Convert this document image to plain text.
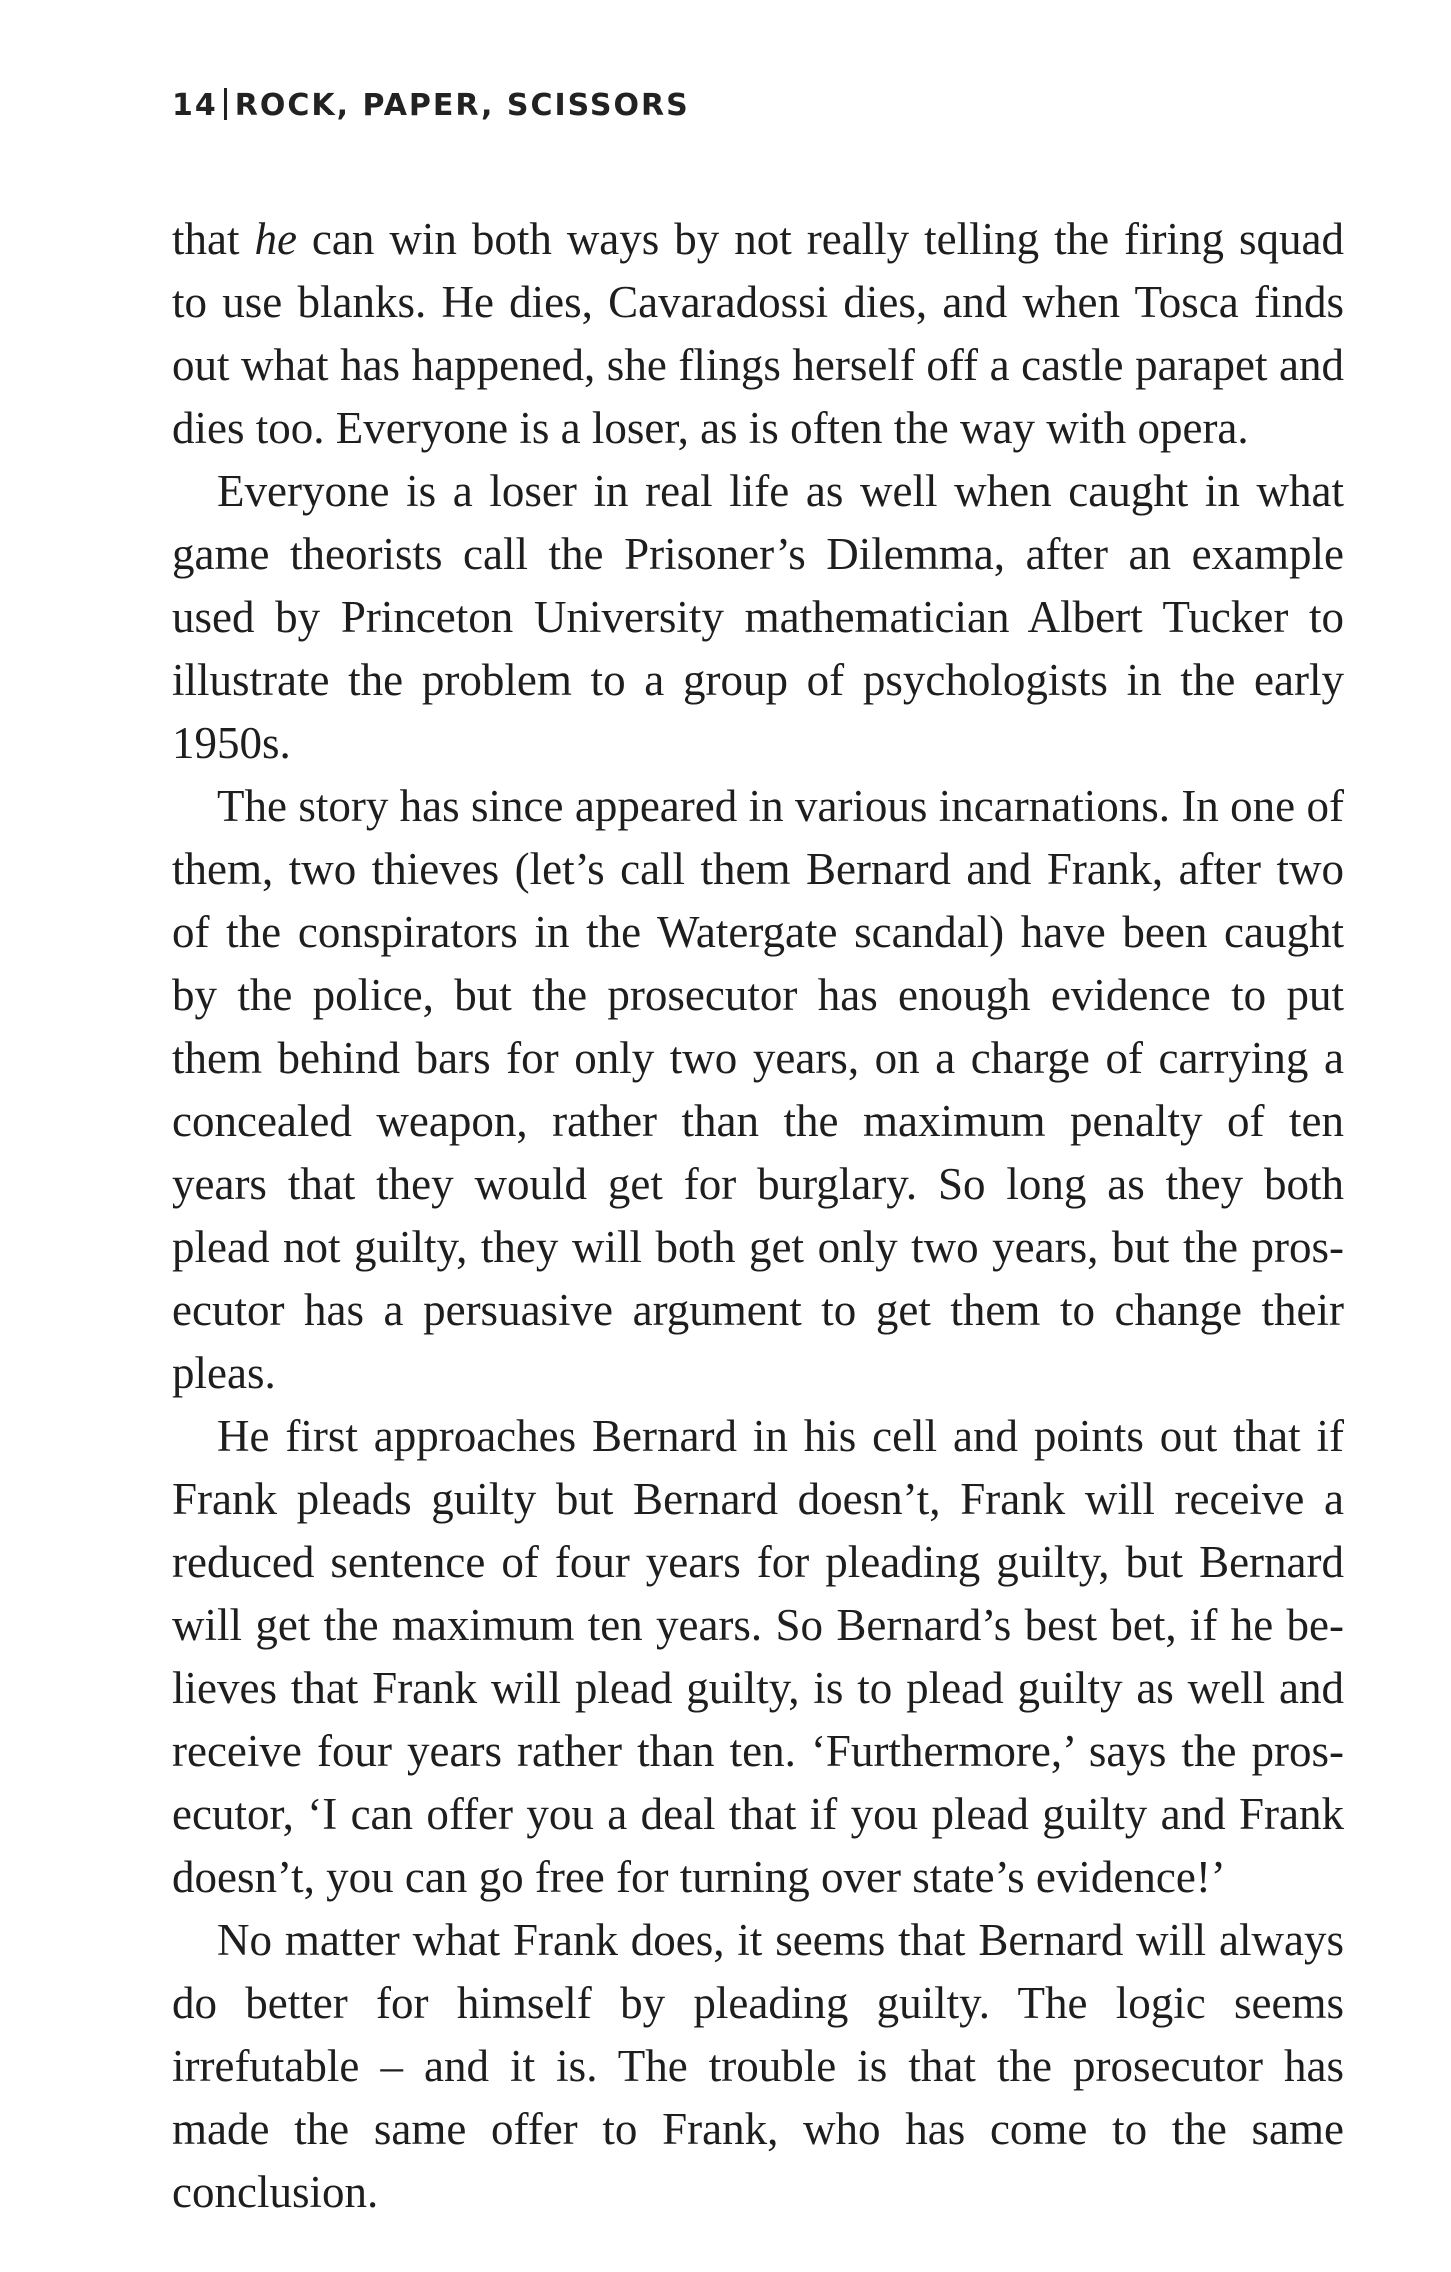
14 ROCK, PAPER, SCISSORS

that he can win both ways by not really telling the firing squad to use blanks. He dies, Cavaradossi dies, and when Tosca finds out what has happened, she flings herself off a castle parapet and dies too. Everyone is a loser, as is often the way with opera.

Everyone is a loser in real life as well when caught in what game theorists call the Prisoner’s Dilemma, after an example used by Princeton University mathematician Albert Tucker to illustrate the problem to a group of psychologists in the early 1950s.

The story has since appeared in various incarnations. In one of them, two thieves (let’s call them Bernard and Frank, after two of the conspirators in the Watergate scandal) have been caught by the police, but the prosecutor has enough evidence to put them behind bars for only two years, on a charge of carrying a concealed weapon, rather than the maximum penalty of ten years that they would get for burglary. So long as they both plead not guilty, they will both get only two years, but the prosecutor has a persuasive argument to get them to change their pleas.

He first approaches Bernard in his cell and points out that if Frank pleads guilty but Bernard doesn’t, Frank will receive a reduced sentence of four years for pleading guilty, but Bernard will get the maximum ten years. So Bernard’s best bet, if he believes that Frank will plead guilty, is to plead guilty as well and receive four years rather than ten. ‘Furthermore,’ says the prosecutor, ‘I can offer you a deal that if you plead guilty and Frank doesn’t, you can go free for turning over state’s evidence!’

No matter what Frank does, it seems that Bernard will always do better for himself by pleading guilty. The logic seems irrefutable – and it is. The trouble is that the prosecutor has made the same offer to Frank, who has come to the same conclusion.
